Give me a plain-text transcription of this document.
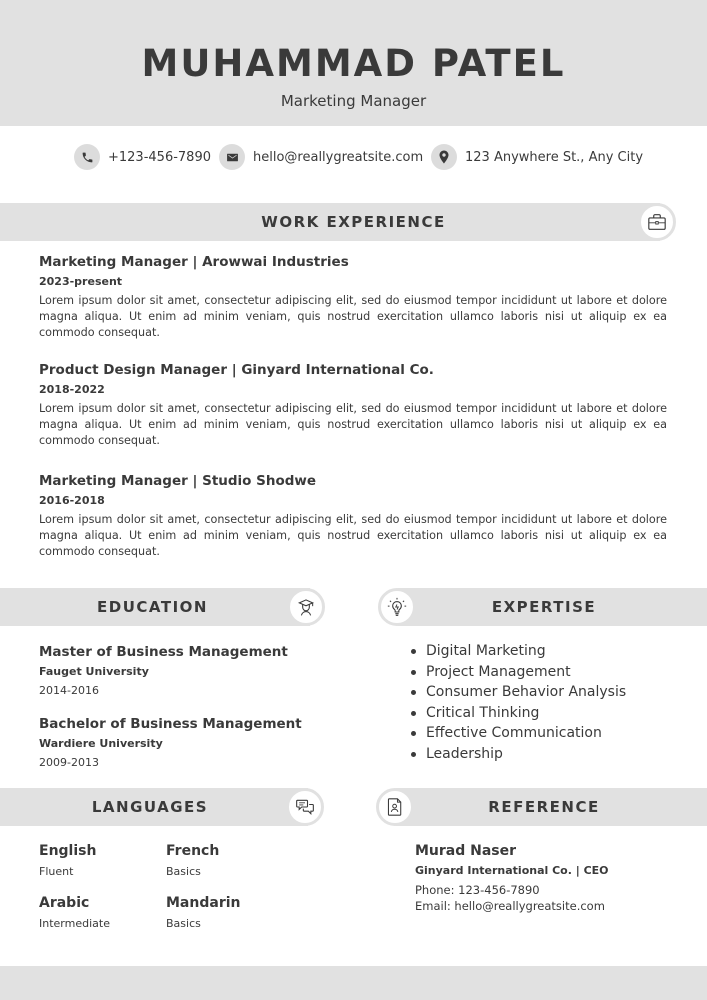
MUHAMMAD PATEL
Marketing Manager
+123-456-7890	hello@reallygreatsite.com	123 Anywhere St., Any City
WORK EXPERIENCE
Marketing Manager | Arowwai Industries
2023-present
Lorem ipsum dolor sit amet, consectetur adipiscing elit, sed do eiusmod tempor incididunt ut labore et dolore magna aliqua. Ut enim ad minim veniam, quis nostrud exercitation ullamco laboris nisi ut aliquip ex ea commodo consequat.
Product Design Manager | Ginyard International Co.
2018-2022
Lorem ipsum dolor sit amet, consectetur adipiscing elit, sed do eiusmod tempor incididunt ut labore et dolore magna aliqua. Ut enim ad minim veniam, quis nostrud exercitation ullamco laboris nisi ut aliquip ex ea commodo consequat.
Marketing Manager | Studio Shodwe
2016-2018
Lorem ipsum dolor sit amet, consectetur adipiscing elit, sed do eiusmod tempor incididunt ut labore et dolore magna aliqua. Ut enim ad minim veniam, quis nostrud exercitation ullamco laboris nisi ut aliquip ex ea commodo consequat.
EDUCATION
Master of Business Management
Fauget University
2014-2016
Bachelor of Business Management
Wardiere University
2009-2013
EXPERTISE
Digital Marketing
Project Management
Consumer Behavior Analysis
Critical Thinking
Effective Communication
Leadership
LANGUAGES
English
Fluent
French
Basics
Arabic
Intermediate
Mandarin
Basics
REFERENCE
Murad Naser
Ginyard International Co. | CEO
Phone: 123-456-7890
Email: hello@reallygreatsite.com
